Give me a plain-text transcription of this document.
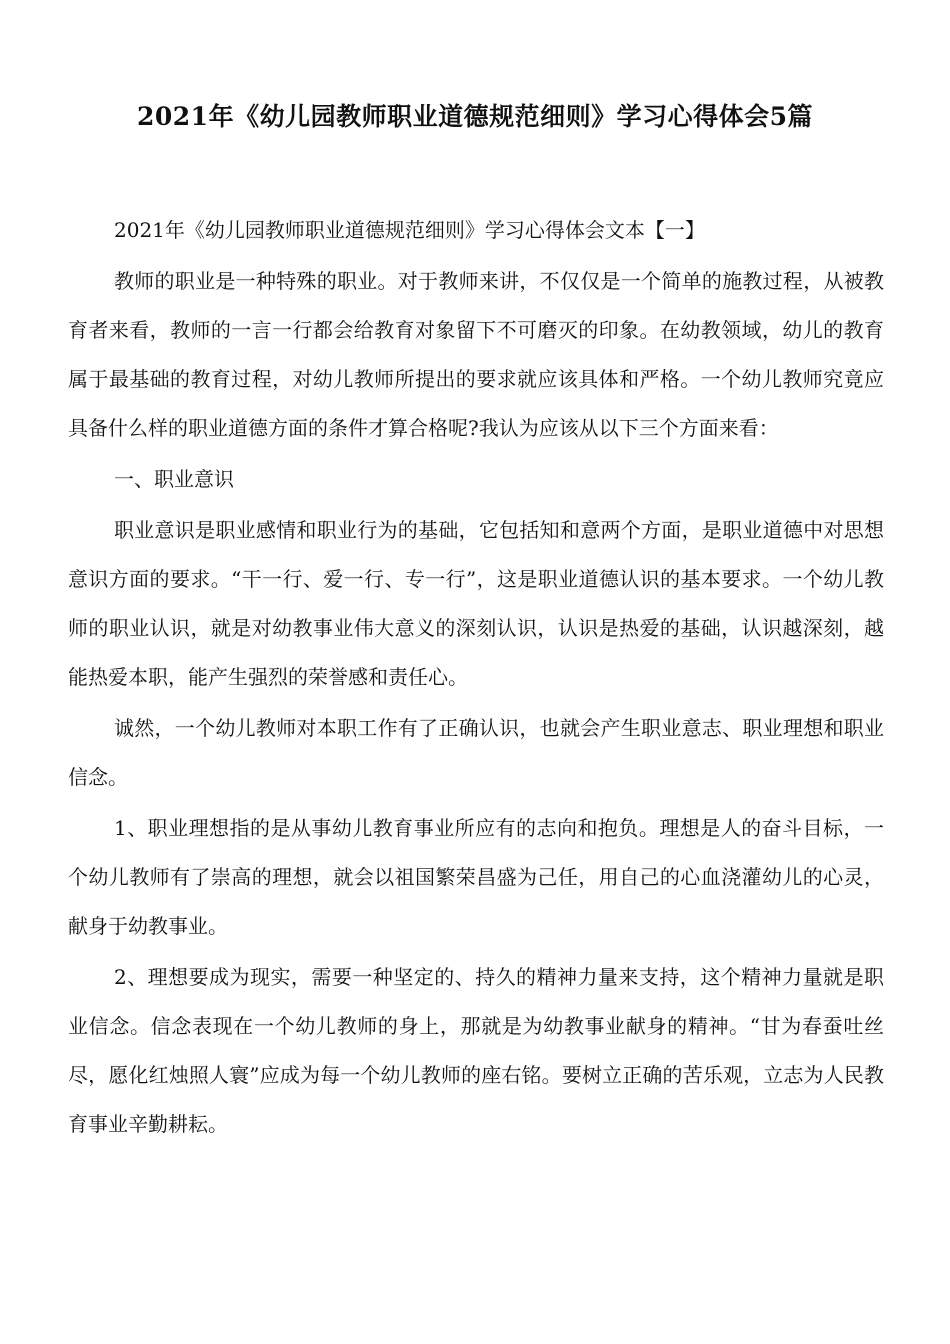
2021年《幼儿园教师职业道德规范细则》学习心得体会5篇

2021年《幼儿园教师职业道德规范细则》学习心得体会文本【一】

教师的职业是一种特殊的职业。对于教师来讲，不仅仅是一个简单的施教过程，从被教育者来看，教师的一言一行都会给教育对象留下不可磨灭的印象。在幼教领域，幼儿的教育属于最基础的教育过程，对幼儿教师所提出的要求就应该具体和严格。一个幼儿教师究竟应具备什么样的职业道德方面的条件才算合格呢?我认为应该从以下三个方面来看：

一、职业意识

职业意识是职业感情和职业行为的基础，它包括知和意两个方面，是职业道德中对思想意识方面的要求。“干一行、爱一行、专一行”，这是职业道德认识的基本要求。一个幼儿教师的职业认识，就是对幼教事业伟大意义的深刻认识，认识是热爱的基础，认识越深刻，越能热爱本职，能产生强烈的荣誉感和责任心。

诚然，一个幼儿教师对本职工作有了正确认识，也就会产生职业意志、职业理想和职业信念。

1、职业理想指的是从事幼儿教育事业所应有的志向和抱负。理想是人的奋斗目标，一个幼儿教师有了崇高的理想，就会以祖国繁荣昌盛为己任，用自己的心血浇灌幼儿的心灵，献身于幼教事业。

2、理想要成为现实，需要一种坚定的、持久的精神力量来支持，这个精神力量就是职业信念。信念表现在一个幼儿教师的身上，那就是为幼教事业献身的精神。“甘为春蚕吐丝尽，愿化红烛照人寰”应成为每一个幼儿教师的座右铭。要树立正确的苦乐观，立志为人民教育事业辛勤耕耘。
